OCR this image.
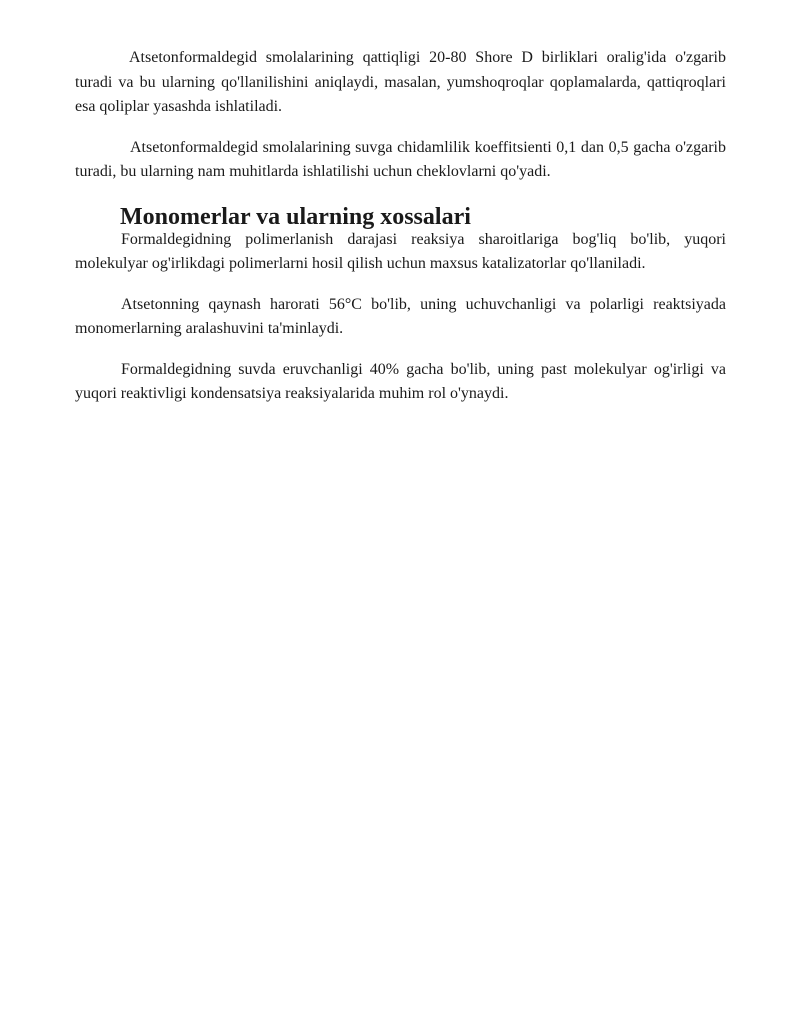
Atsetonformaldegid smolalarining qattiqligi 20-80 Shore D birliklari oralig'ida o'zgarib turadi va bu ularning qo'llanilishini aniqlaydi, masalan, yumshoqroqlar qoplamalarda, qattiqroqlari esa qoliplar yasashda ishlatiladi.

Atsetonformaldegid smolalarining suvga chidamlilik koeffitsienti 0,1 dan 0,5 gacha o'zgarib turadi, bu ularning nam muhitlarda ishlatilishi uchun cheklovlarni qo'yadi.

Monomerlar va ularning xossalari

Formaldegidning polimerlanish darajasi reaksiya sharoitlariga bog'liq bo'lib, yuqori molekulyar og'irlikdagi polimerlarni hosil qilish uchun maxsus katalizatorlar qo'llaniladi.

Atsetonning qaynash harorati 56°C bo'lib, uning uchuvchanligi va polarligi reaktsiyada monomerlarning aralashuvini ta'minlaydi.

Formaldegidning suvda eruvchanligi 40% gacha bo'lib, uning past molekulyar og'irligi va yuqori reaktivligi kondensatsiya reaksiyalarida muhim rol o'ynaydi.
